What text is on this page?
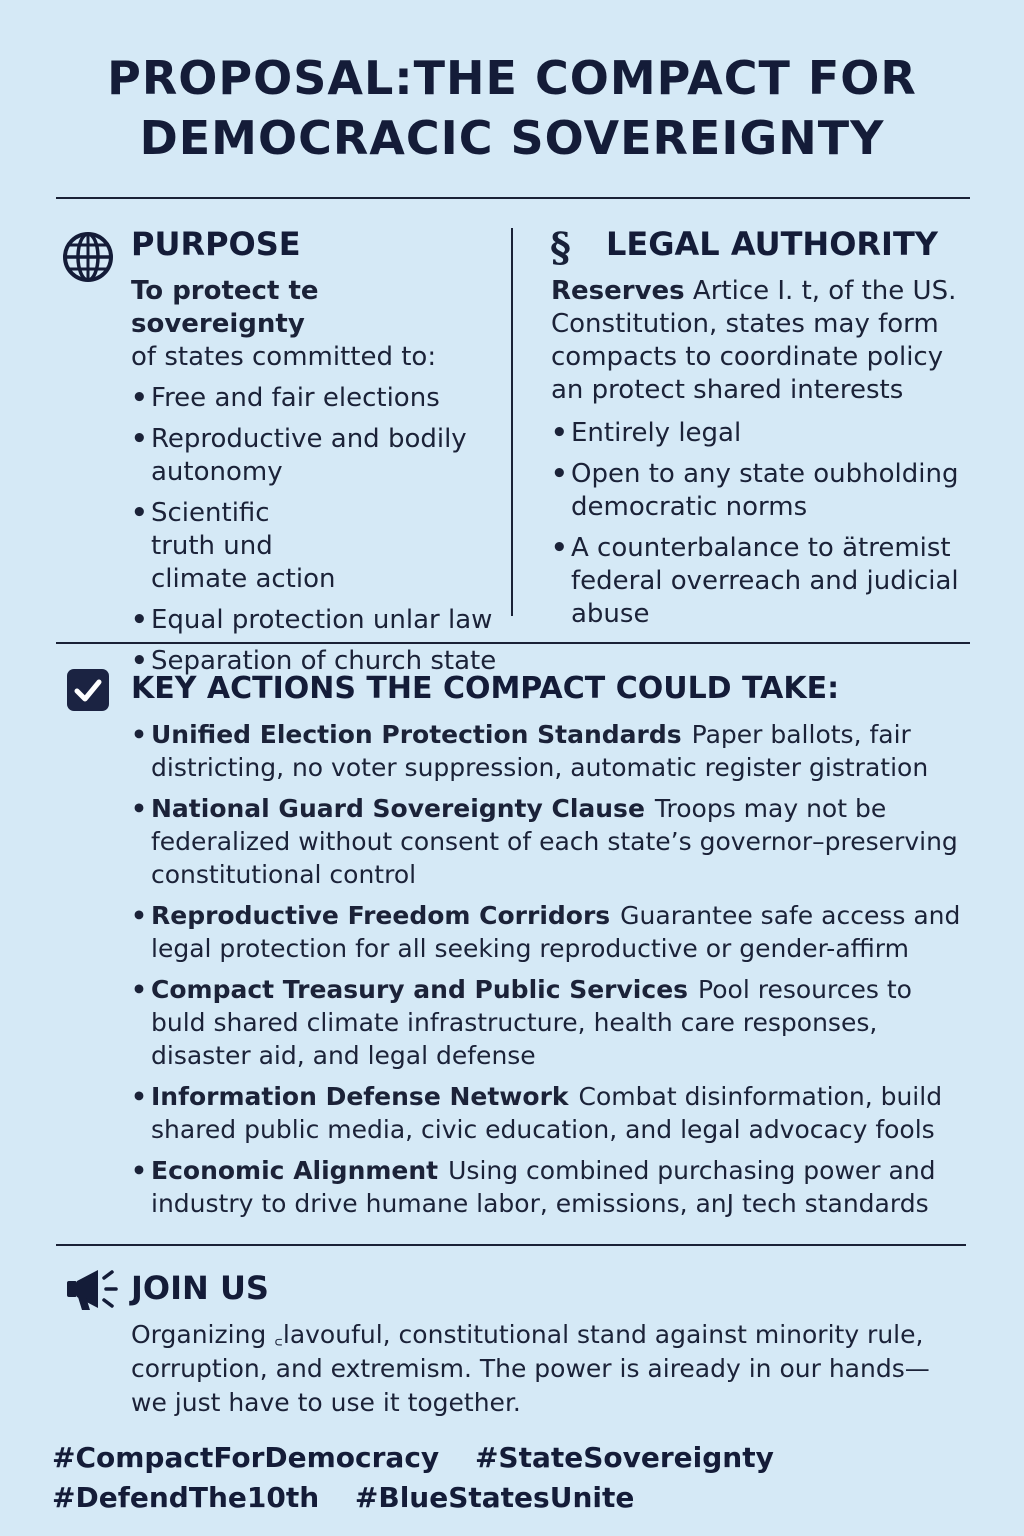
PROPOSAL:THE COMPACT FOR
DEMOCRACIC SOVEREIGNTY
PURPOSE

To protect te sovereignty

of states committed to:

• Free and fair elections
• Reproductive and bodily autonomy
• Scientific truth und climate action
• Equal protection unlar law
• Separation of church state
§ LEGAL AUTHORITY

Reserves Artice I. t, of the US. Constitution, states may form compacts to coordinate policy an protect shared interests

• Entirely legal
• Open to any state oubholding democratic norms
• A counterbalance to ätremist federal overreach and judicial abuse
KEY ACTIONS THE COMPACT COULD TAKE:
• Unified Election Protection Standards Paper ballots, fair districting, no voter suppression, automatic register gistration
• National Guard Sovereignty Clause Troops may not be federalized without consent of each state’s governor–preserving constitutional control
• Reproductive Freedom Corridors Guarantee safe access and legal protection for all seeking reproductive or gender-affirm
• Compact Treasury and Public Services Pool resources to buld shared climate infrastructure, health care responses, disaster aid, and legal defense
• Information Defense Network Combat disinformation, build shared public media, civic education, and legal advocacy fools
• Economic Alignment Using combined purchasing power and industry to drive humane labor, emissions, anJ tech standards
JOIN US
Organizing ꜀lavouful, constitutional stand against minority rule, corruption, and extremism. The power is aiready in our hands— we just have to use it together.
#CompactForDemocracy #StateSovereignty #DefendThe10th #BlueStatesUnite
